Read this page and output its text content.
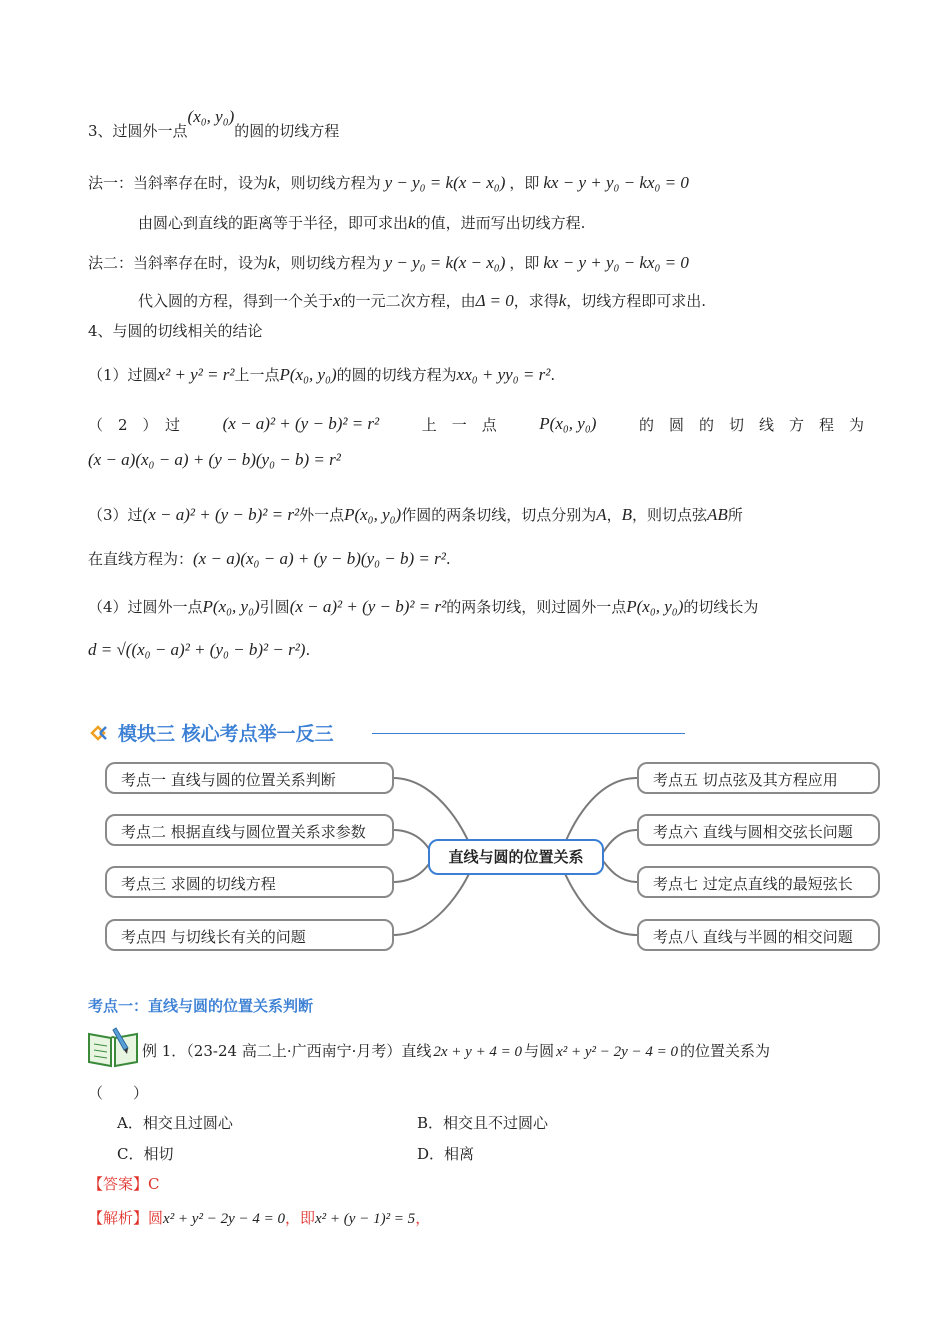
3、过圆外一点(x₀, y₀)的圆的切线方程
法一：当斜率存在时，设为k，则切线方程为 y − y₀ = k(x − x₀) ，即 kx − y + y₀ − kx₀ = 0
由圆心到直线的距离等于半径，即可求出k的值，进而写出切线方程.
法二：当斜率存在时，设为k，则切线方程为 y − y₀ = k(x − x₀) ，即 kx − y + y₀ − kx₀ = 0
代入圆的方程，得到一个关于x的一元二次方程，由Δ = 0，求得k，切线方程即可求出.
4、与圆的切线相关的结论
（1）过圆x² + y² = r²上一点P(x₀, y₀)的圆的切线方程为xx₀ + yy₀ = r².
（　2　）　过	(x − a)² + (y − b)² = r²	上　一　点	P(x₀, y₀)	的　圆　的　切　线　方　程　为
(x − a)(x₀ − a) + (y − b)(y₀ − b) = r²
（3）过(x − a)² + (y − b)² = r²外一点P(x₀, y₀)作圆的两条切线，切点分别为A，B，则切点弦AB所
在直线方程为：(x − a)(x₀ − a) + (y − b)(y₀ − b) = r².
（4）过圆外一点P(x₀, y₀)引圆(x − a)² + (y − b)² = r²的两条切线，则过圆外一点P(x₀, y₀)的切线长为
d = √((x₀ − a)² + (y₀ − b)² − r²).
模块三 核心考点举一反三
考点一 直线与圆的位置关系判断
考点二 根据直线与圆位置关系求参数
考点三 求圆的切线方程
考点四 与切线长有关的问题
考点五 切点弦及其方程应用
考点六 直线与圆相交弦长问题
考点七 过定点直线的最短弦长
考点八 直线与半圆的相交问题
直线与圆的位置关系
考点一：直线与圆的位置关系判断
例 1．（23-24 高二上·广西南宁·月考）直线 2x + y + 4 = 0 与圆 x² + y² − 2y − 4 = 0 的位置关系为
（　　）
A．相交且过圆心	B．相交且不过圆心
C．相切	D．相离
【答案】C
【解析】圆x² + y² − 2y − 4 = 0，即x² + (y − 1)² = 5，
